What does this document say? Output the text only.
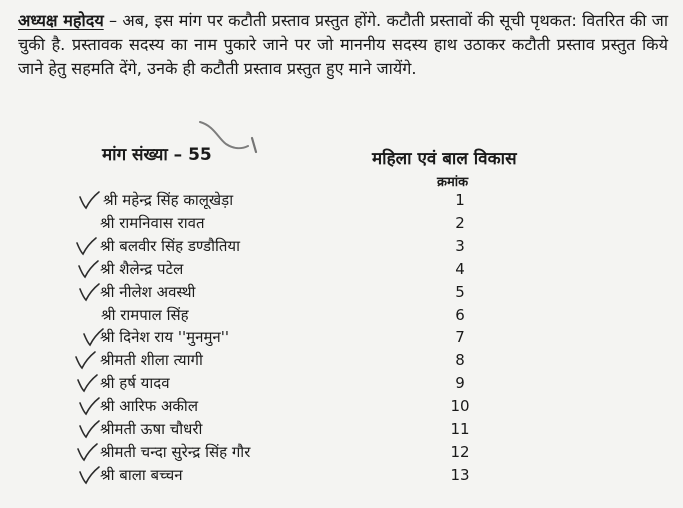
अध्यक्ष महोदय – अब, इस मांग पर कटौती प्रस्ताव प्रस्तुत होंगे. कटौती प्रस्तावों की सूची पृथकत: वितरित की जा चुकी है. प्रस्तावक सदस्य का नाम पुकारे जाने पर जो माननीय सदस्य हाथ उठाकर कटौती प्रस्ताव प्रस्तुत किये जाने हेतु सहमति देंगे, उनके ही कटौती प्रस्ताव प्रस्तुत हुए माने जायेंगे.
मांग संख्या – 55	महिला एवं बाल विकास
क्रमांक
श्री महेन्द्र सिंह कालूखेड़ा	1
श्री रामनिवास रावत	2
श्री बलवीर सिंह डण्डौतिया	3
श्री शैलेन्द्र पटेल	4
श्री नीलेश अवस्थी	5
श्री रामपाल सिंह	6
श्री दिनेश राय ''मुनमुन''	7
श्रीमती शीला त्यागी	8
श्री हर्ष यादव	9
श्री आरिफ अकील	10
श्रीमती ऊषा चौधरी	11
श्रीमती चन्दा सुरेन्द्र सिंह गौर	12
श्री बाला बच्चन	13
